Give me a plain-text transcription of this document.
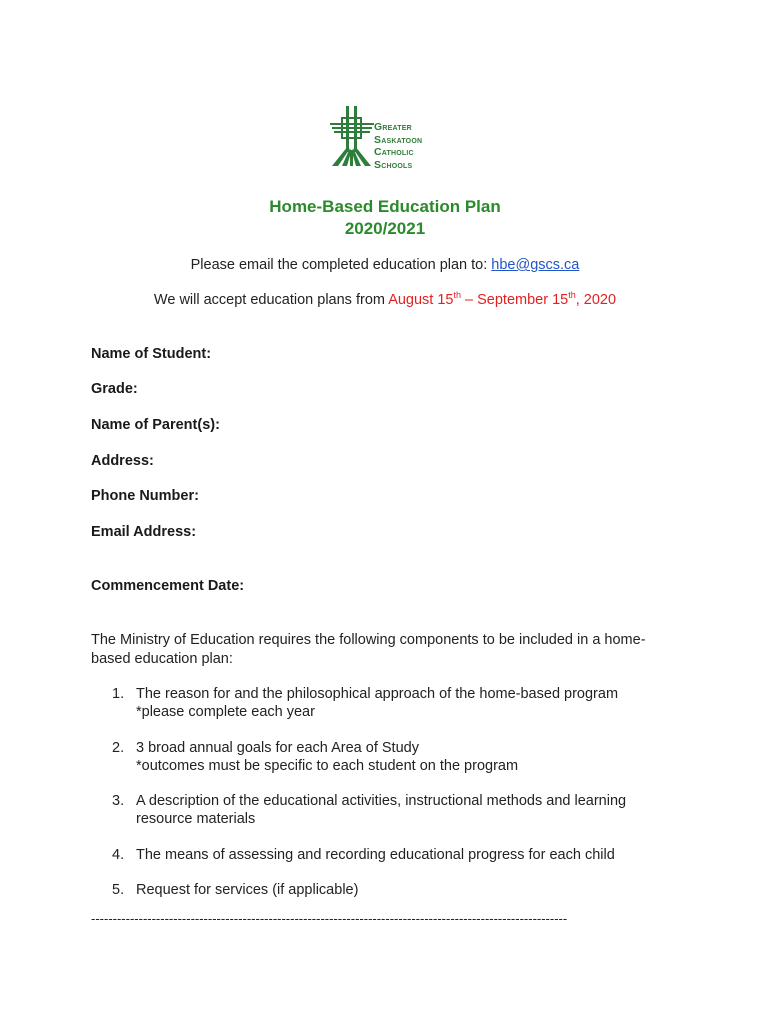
Greater
Saskatoon
Catholic
Schools
Home-Based Education Plan
2020/2021
Please email the completed education plan to: hbe@gscs.ca
We will accept education plans from August 15th – September 15th, 2020
Name of Student:
Grade:
Name of Parent(s):
Address:
Phone Number:
Email Address:
Commencement Date:
The Ministry of Education requires the following components to be included in a home-
based education plan:
1. The reason for and the philosophical approach of the home-based program
*please complete each year
2. 3 broad annual goals for each Area of Study
*outcomes must be specific to each student on the program
3. A description of the educational activities, instructional methods and learning
resource materials
4. The means of assessing and recording educational progress for each child
5. Request for services (if applicable)
--------------------------------------------------------------------------------------------------------------
